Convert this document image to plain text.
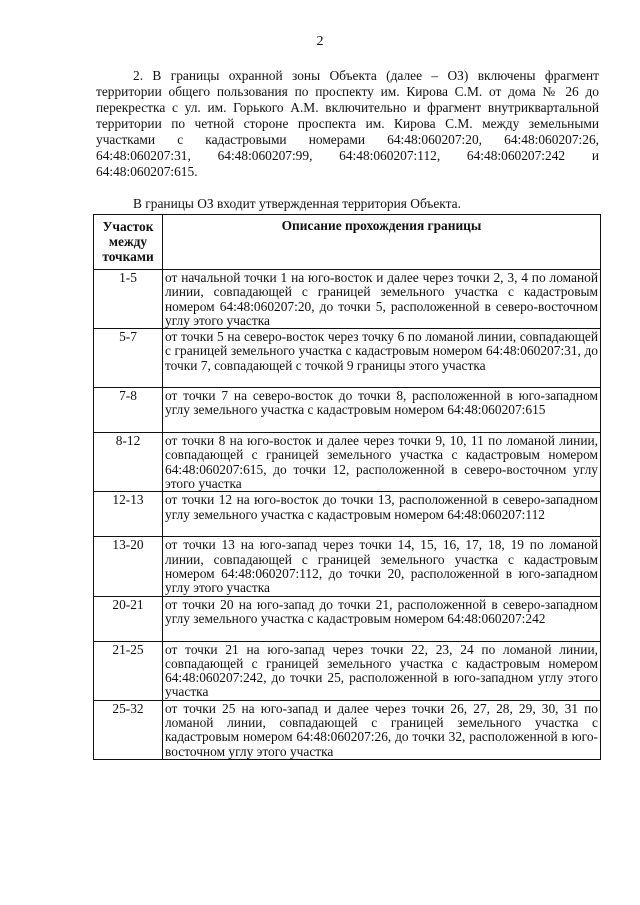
2

2. В границы охранной зоны Объекта (далее – ОЗ) включены фрагмент территории общего пользования по проспекту им. Кирова С.М. от дома № 26 до перекрестка с ул. им. Горького А.М. включительно и фрагмент внутриквартальной территории по четной стороне проспекта им. Кирова С.М. между земельными участками с кадастровыми номерами 64:48:060207:20, 64:48:060207:26, 64:48:060207:31, 64:48:060207:99, 64:48:060207:112, 64:48:060207:242 и 64:48:060207:615.

В границы ОЗ входит утвержденная территория Объекта.
Участок между точками	Описание прохождения границы
1-5	от начальной точки 1 на юго-восток и далее через точки 2, 3, 4 по ломаной линии, совпадающей с границей земельного участка с кадастровым номером 64:48:060207:20, до точки 5, расположенной в северо-восточном углу этого участка
5-7	от точки 5 на северо-восток через точку 6 по ломаной линии, совпадающей с границей земельного участка с кадастровым номером 64:48:060207:31, до точки 7, совпадающей с точкой 9 границы этого участка
7-8	от точки 7 на северо-восток до точки 8, расположенной в юго-западном углу земельного участка с кадастровым номером 64:48:060207:615
8-12	от точки 8 на юго-восток и далее через точки 9, 10, 11 по ломаной линии, совпадающей с границей земельного участка с кадастровым номером 64:48:060207:615, до точки 12, расположенной в северо-восточном углу этого участка
12-13	от точки 12 на юго-восток до точки 13, расположенной в северо-западном углу земельного участка с кадастровым номером 64:48:060207:112
13-20	от точки 13 на юго-запад через точки 14, 15, 16, 17, 18, 19 по ломаной линии, совпадающей с границей земельного участка с кадастровым номером 64:48:060207:112, до точки 20, расположенной в юго-западном углу этого участка
20-21	от точки 20 на юго-запад до точки 21, расположенной в северо-западном углу земельного участка с кадастровым номером 64:48:060207:242
21-25	от точки 21 на юго-запад через точки 22, 23, 24 по ломаной линии, совпадающей с границей земельного участка с кадастровым номером 64:48:060207:242, до точки 25, расположенной в юго-западном углу этого участка
25-32	от точки 25 на юго-запад и далее через точки 26, 27, 28, 29, 30, 31 по ломаной линии, совпадающей с границей земельного участка с кадастровым номером 64:48:060207:26, до точки 32, расположенной в юго-восточном углу этого участка
